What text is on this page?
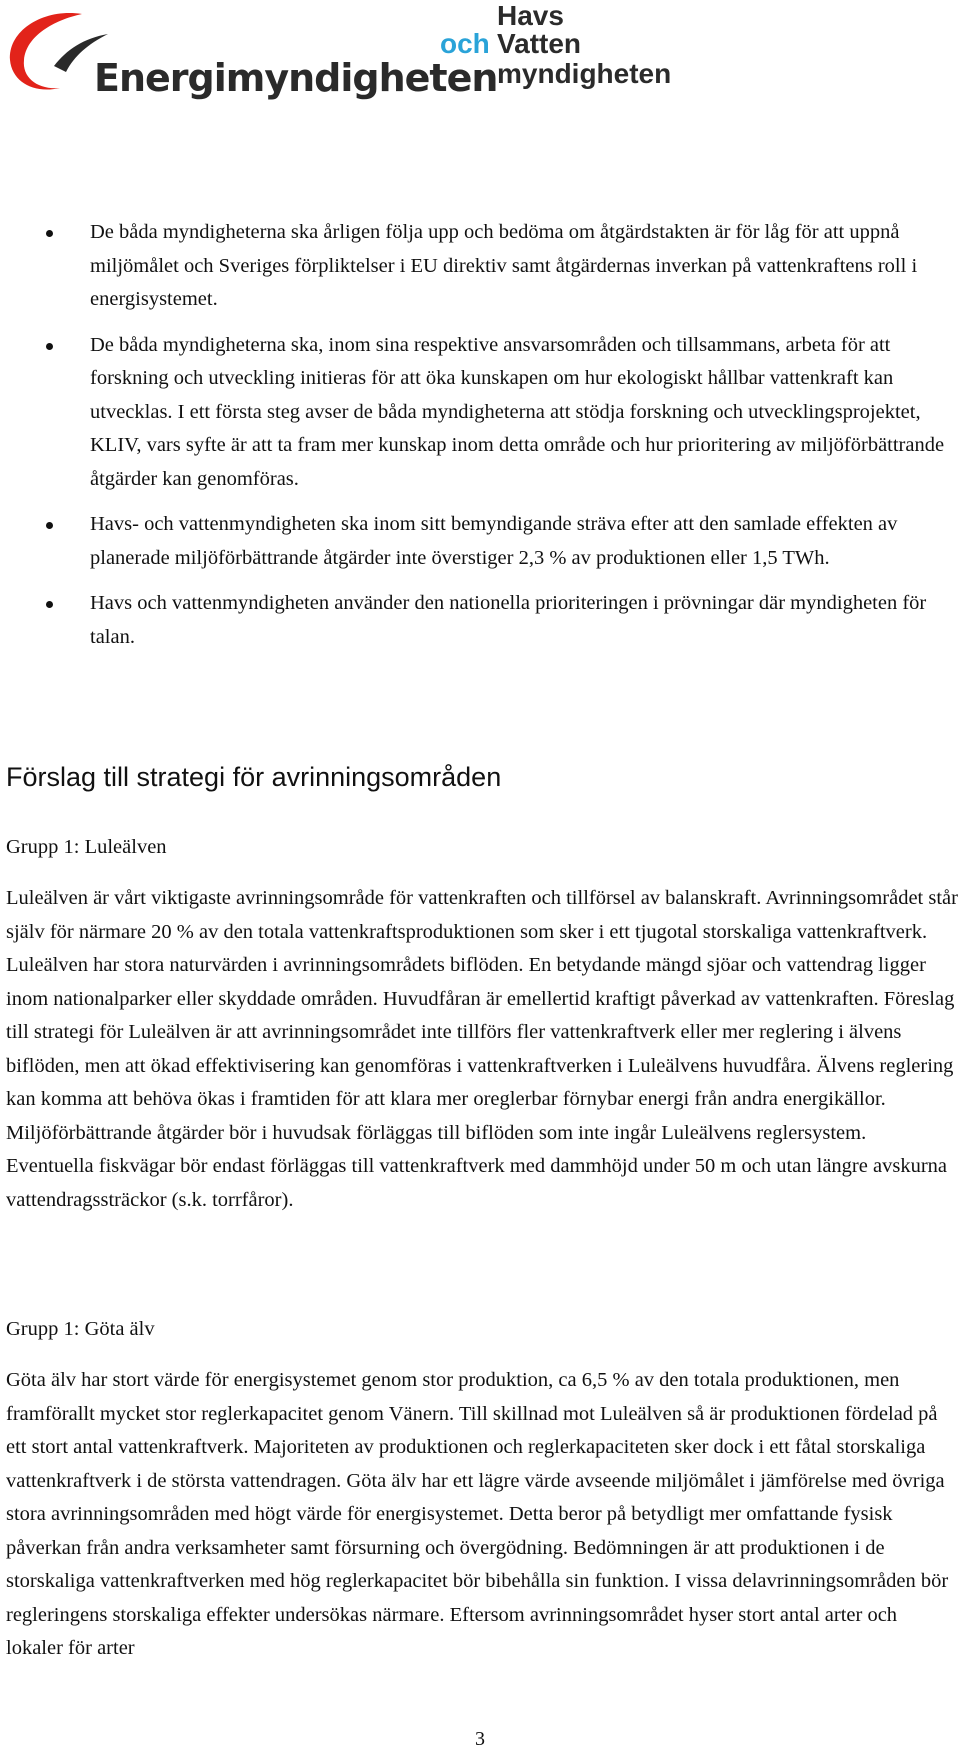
Energimyndigheten
Havs
och Vatten
myndigheten
De båda myndigheterna ska årligen följa upp och bedöma om åtgärdstakten är för låg för att uppnå miljömålet och Sveriges förpliktelser i EU direktiv samt åtgärdernas inverkan på vattenkraftens roll i energisystemet.
De båda myndigheterna ska, inom sina respektive ansvarsområden och tillsammans, arbeta för att forskning och utveckling initieras för att öka kunskapen om hur ekologiskt hållbar vattenkraft kan utvecklas. I ett första steg avser de båda myndigheterna att stödja forskning och utvecklingsprojektet, KLIV, vars syfte är att ta fram mer kunskap inom detta område och hur prioritering av miljöförbättrande åtgärder kan genomföras.
Havs- och vattenmyndigheten ska inom sitt bemyndigande sträva efter att den samlade effekten av planerade miljöförbättrande åtgärder inte överstiger 2,3 % av produktionen eller 1,5 TWh.
Havs och vattenmyndigheten använder den nationella prioriteringen i prövningar där myndigheten för talan.
Förslag till strategi för avrinningsområden
Grupp 1: Luleälven

Luleälven är vårt viktigaste avrinningsområde för vattenkraften och tillförsel av balanskraft. Avrinningsområdet står själv för närmare 20 % av den totala vattenkraftsproduktionen som sker i ett tjugotal storskaliga vattenkraftverk. Luleälven har stora naturvärden i avrinningsområdets biflöden. En betydande mängd sjöar och vattendrag ligger inom nationalparker eller skyddade områden. Huvudfåran är emellertid kraftigt påverkad av vattenkraften. Föreslag till strategi för Luleälven är att avrinningsområdet inte tillförs fler vattenkraftverk eller mer reglering i älvens biflöden, men att ökad effektivisering kan genomföras i vattenkraftverken i Luleälvens huvudfåra. Älvens reglering kan komma att behöva ökas i framtiden för att klara mer oreglerbar förnybar energi från andra energikällor. Miljöförbättrande åtgärder bör i huvudsak förläggas till biflöden som inte ingår Luleälvens reglersystem. Eventuella fiskvägar bör endast förläggas till vattenkraftverk med dammhöjd under 50 m och utan längre avskurna vattendragssträckor (s.k. torrfåror).

Grupp 1: Göta älv

Göta älv har stort värde för energisystemet genom stor produktion, ca 6,5 % av den totala produktionen, men framförallt mycket stor reglerkapacitet genom Vänern. Till skillnad mot Luleälven så är produktionen fördelad på ett stort antal vattenkraftverk. Majoriteten av produktionen och reglerkapaciteten sker dock i ett fåtal storskaliga vattenkraftverk i de största vattendragen. Göta älv har ett lägre värde avseende miljömålet i jämförelse med övriga stora avrinningsområden med högt värde för energisystemet. Detta beror på betydligt mer omfattande fysisk påverkan från andra verksamheter samt försurning och övergödning. Bedömningen är att produktionen i de storskaliga vattenkraftverken med hög reglerkapacitet bör bibehålla sin funktion. I vissa delavrinningsområden bör regleringens storskaliga effekter undersökas närmare. Eftersom avrinningsområdet hyser stort antal arter och lokaler för arter

3
